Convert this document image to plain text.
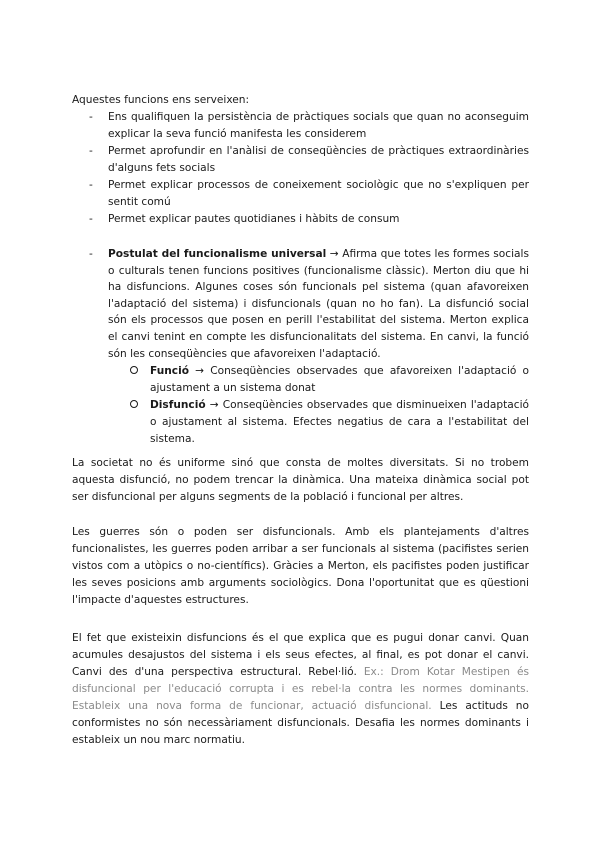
Aquestes funcions ens serveixen:
-	Ens qualifiquen la persistència de pràctiques socials que quan no aconseguim explicar la seva funció manifesta les considerem
-	Permet aprofundir en l'anàlisi de conseqüències de pràctiques extraordinàries d'alguns fets socials
-	Permet explicar processos de coneixement sociològic que no s'expliquen per sentit comú
-	Permet explicar pautes quotidianes i hàbits de consum
-	Postulat del funcionalisme universal → Afirma que totes les formes socials o culturals tenen funcions positives (funcionalisme clàssic). Merton diu que hi ha disfuncions. Algunes coses són funcionals pel sistema (quan afavoreixen l'adaptació del sistema) i disfuncionals (quan no ho fan). La disfunció social són els processos que posen en perill l'estabilitat del sistema. Merton explica el canvi tenint en compte les disfuncionalitats del sistema. En canvi, la funció són les conseqüències que afavoreixen l'adaptació.
Funció → Conseqüències observades que afavoreixen l'adaptació o ajustament a un sistema donat
Disfunció → Conseqüències observades que disminueixen l'adaptació o ajustament al sistema. Efectes negatius de cara a l'estabilitat del sistema.

La societat no és uniforme sinó que consta de moltes diversitats. Si no trobem aquesta disfunció, no podem trencar la dinàmica. Una mateixa dinàmica social pot ser disfuncional per alguns segments de la població i funcional per altres.

Les guerres són o poden ser disfuncionals. Amb els plantejaments d'altres funcionalistes, les guerres poden arribar a ser funcionals al sistema (pacifistes serien vistos com a utòpics o no-científics). Gràcies a Merton, els pacifistes poden justificar les seves posicions amb arguments sociològics. Dona l'oportunitat que es qüestioni l'impacte d'aquestes estructures.

El fet que existeixin disfuncions és el que explica que es pugui donar canvi. Quan acumules desajustos del sistema i els seus efectes, al final, es pot donar el canvi. Canvi des d'una perspectiva estructural. Rebel·lió. Ex.: Drom Kotar Mestipen és disfuncional per l'educació corrupta i es rebel·la contra les normes dominants. Estableix una nova forma de funcionar, actuació disfuncional. Les actituds no conformistes no són necessàriament disfuncionals. Desafia les normes dominants i estableix un nou marc normatiu.
